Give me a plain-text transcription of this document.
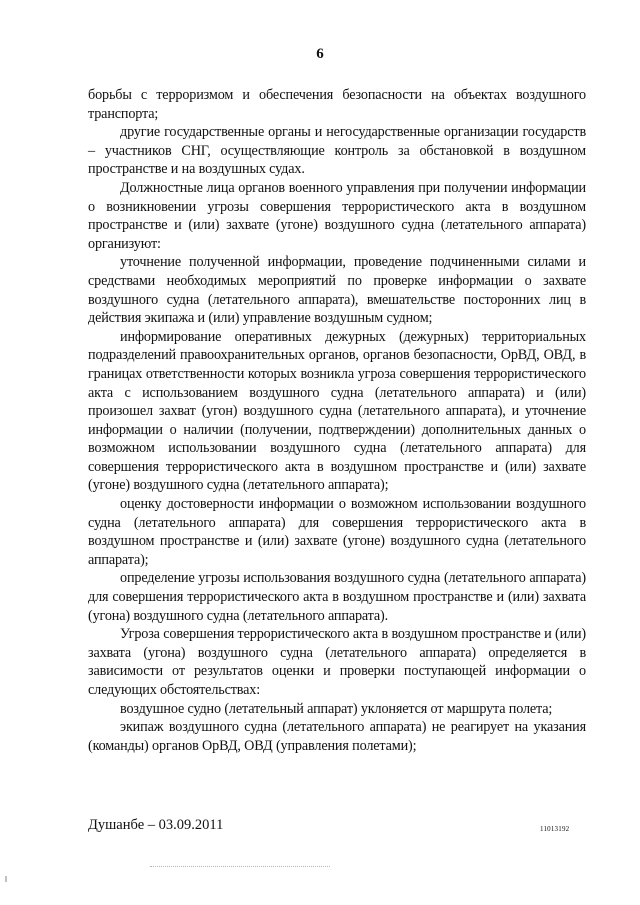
6

борьбы с терроризмом и обеспечения безопасности на объектах воздушного транспорта;

другие государственные органы и негосударственные организации государств – участников СНГ, осуществляющие контроль за обстановкой в воздушном пространстве и на воздушных судах.

Должностные лица органов военного управления при получении информации о возникновении угрозы совершения террористического акта в воздушном пространстве и (или) захвате (угоне) воздушного судна (летательного аппарата) организуют:

уточнение полученной информации, проведение подчиненными силами и средствами необходимых мероприятий по проверке информации о захвате воздушного судна (летательного аппарата), вмешательстве посторонних лиц в действия экипажа и (или) управление воздушным судном;

информирование оперативных дежурных (дежурных) территориальных подразделений правоохранительных органов, органов безопасности, ОрВД, ОВД, в границах ответственности которых возникла угроза совершения террористического акта с использованием воздушного судна (летательного аппарата) и (или) произошел захват (угон) воздушного судна (летательного аппарата), и уточнение информации о наличии (получении, подтверждении) дополнительных данных о возможном использовании воздушного судна (летательного аппарата) для совершения террористического акта в воздушном пространстве и (или) захвате (угоне) воздушного судна (летательного аппарата);

оценку достоверности информации о возможном использовании воздушного судна (летательного аппарата) для совершения террористического акта в воздушном пространстве и (или) захвате (угоне) воздушного судна (летательного аппарата);

определение угрозы использования воздушного судна (летательного аппарата) для совершения террористического акта в воздушном пространстве и (или) захвата (угона) воздушного судна (летательного аппарата).

Угроза совершения террористического акта в воздушном пространстве и (или) захвата (угона) воздушного судна (летательного аппарата) определяется в зависимости от результатов оценки и проверки поступающей информации о следующих обстоятельствах:

воздушное судно (летательный аппарат) уклоняется от маршрута полета;

экипаж воздушного судна (летательного аппарата) не реагирует на указания (команды) органов ОрВД, ОВД (управления полетами);

Душанбе – 03.09.2011	11013192
